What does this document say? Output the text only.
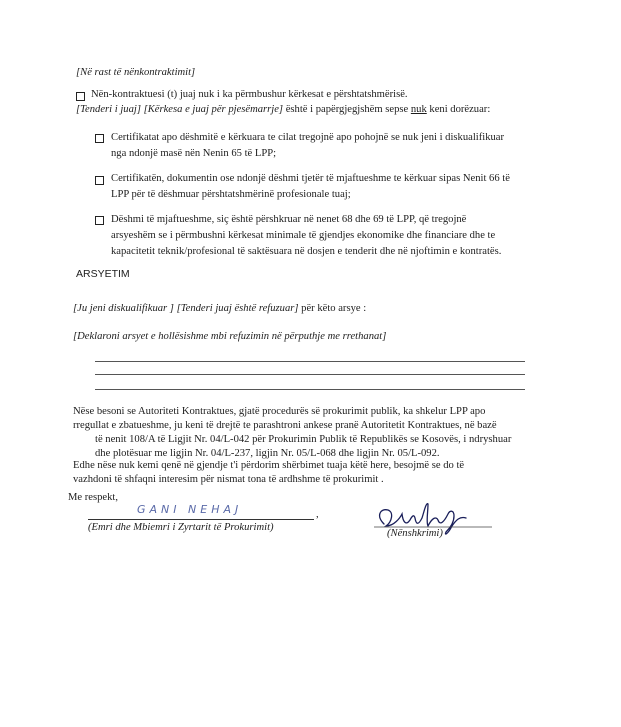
[Në rast të nënkontraktimit]
Nën-kontraktuesi (t) juaj nuk i ka përmbushur kërkesat e përshtatshmërisë.
[Tenderi i juaj] [Kërkesa e juaj për pjesëmarrje] është i papërgjegjshëm sepse nuk keni dorëzuar:
Certifikatat apo dëshmitë e kërkuara te cilat tregojnë apo pohojnë se nuk jeni i diskualifikuar
nga ndonjë masë nën Nenin 65 të LPP;
Certifikatën, dokumentin ose ndonjë dëshmi tjetër të mjaftueshme te kërkuar sipas Nenit 66 të
LPP për të dëshmuar përshtatshmërinë profesionale tuaj;
Dëshmi të mjaftueshme, siç është përshkruar në nenet 68 dhe 69 të LPP, që tregojnë
arsyeshëm se i përmbushni kërkesat minimale të gjendjes ekonomike dhe financiare dhe te
kapacitetit teknik/profesional të saktësuara në dosjen e tenderit dhe në njoftimin e kontratës.
ARSYETIM
[Ju jeni diskualifikuar ] [Tenderi juaj është refuzuar] për këto arsye :
[Deklaroni arsyet e hollësishme mbi refuzimin në përputhje me rrethanat]
Nëse besoni se Autoriteti Kontraktues, gjatë procedurës së prokurimit publik, ka shkelur LPP apo
rregullat e zbatueshme, ju keni të drejtë te parashtroni ankese pranë Autoritetit Kontraktues, në bazë
të nenit 108/A të Ligjit Nr. 04/L-042 për Prokurimin Publik të Republikës se Kosovës, i ndryshuar
dhe plotësuar me ligjin Nr. 04/L-237, ligjin Nr. 05/L-068 dhe ligjin Nr. 05/L-092.
Edhe nëse nuk kemi qenë në gjendje t'i përdorim shërbimet tuaja këtë here, besojmë se do të
vazhdoni të shfaqni interesim për nismat tona të ardhshme të prokurimit .
Me respekt,
GANI NEHAJ	,
(Emri dhe Mbiemri i Zyrtarit të Prokurimit)
(Nënshkrimi)
